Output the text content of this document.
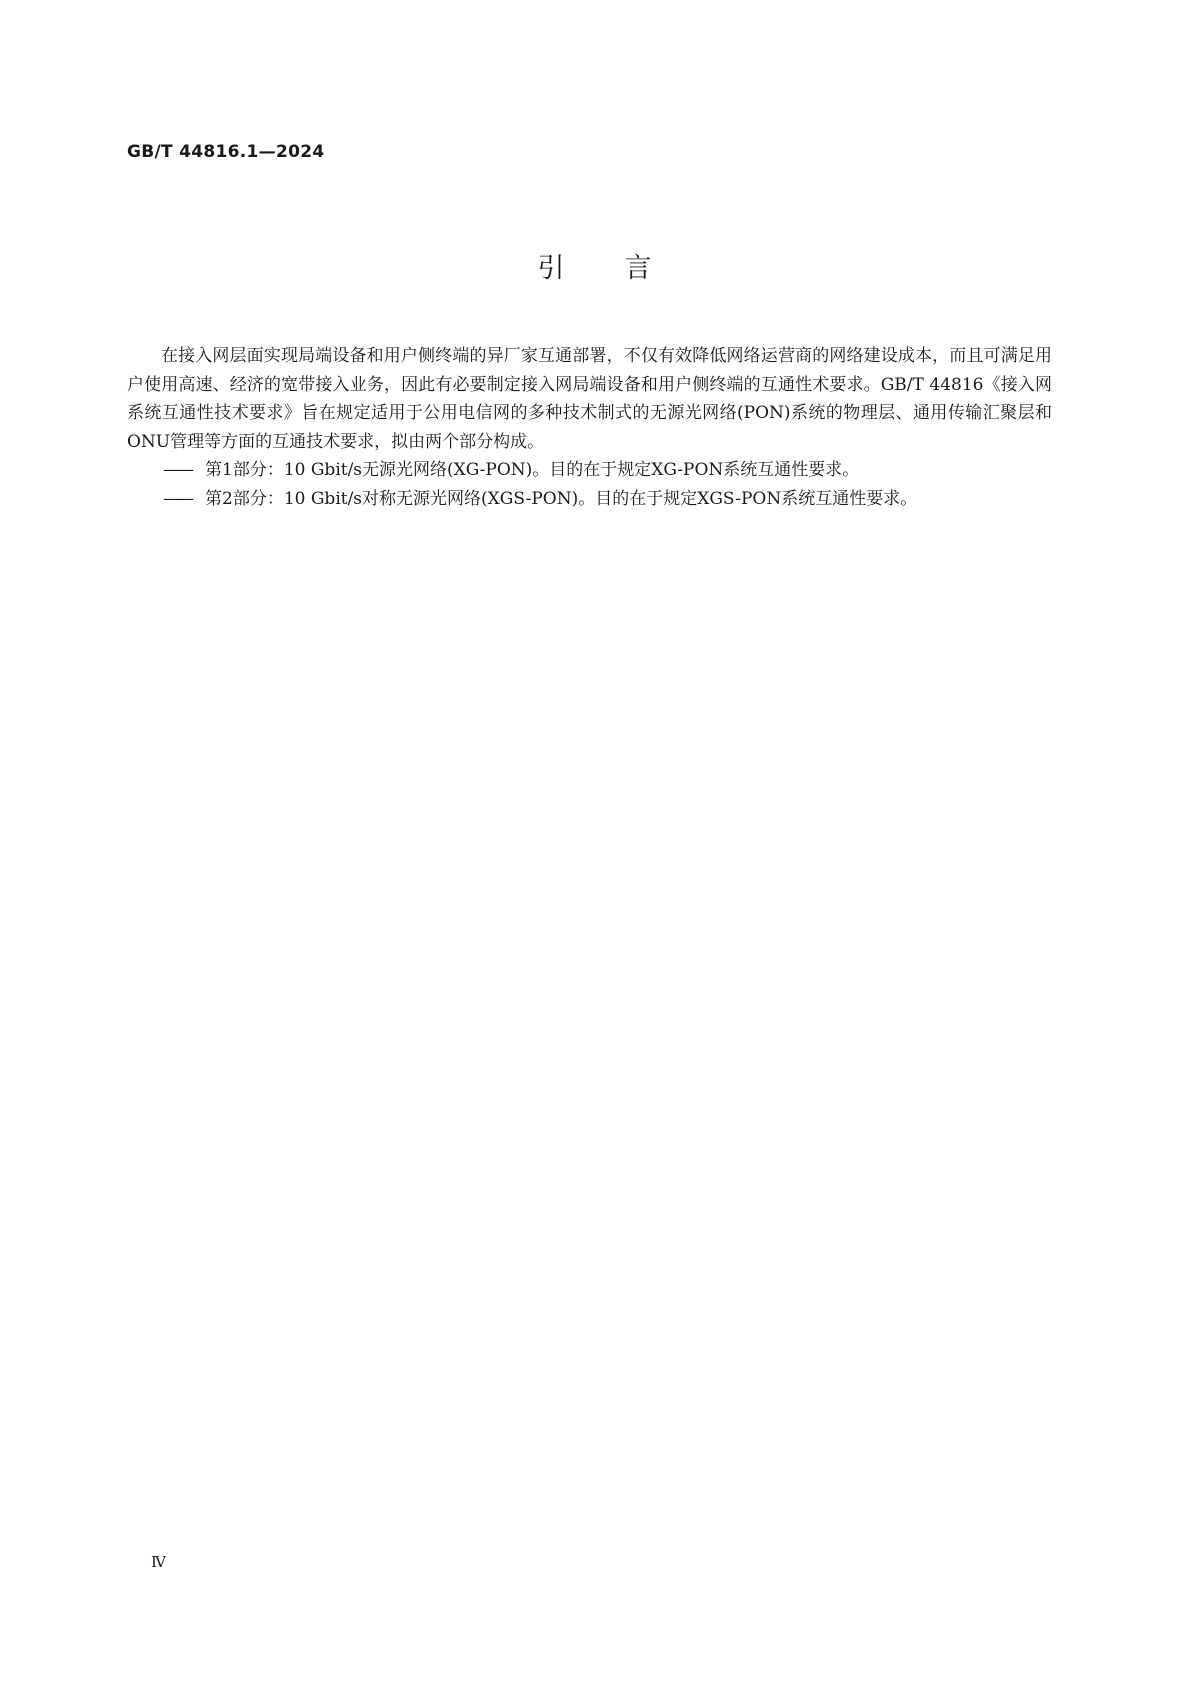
GB/T 44816.1—2024
引 言

在接入网层面实现局端设备和用户侧终端的异厂家互通部署，不仅有效降低网络运营商的网络建设成本，而且可满足用户使用高速、经济的宽带接入业务，因此有必要制定接入网局端设备和用户侧终端的互通性术要求。GB/T 44816《接入网系统互通性技术要求》旨在规定适用于公用电信网的多种技术制式的无源光网络(PON)系统的物理层、通用传输汇聚层和ONU管理等方面的互通技术要求，拟由两个部分构成。

—— 第1部分：10 Gbit/s无源光网络(XG-PON)。目的在于规定XG-PON系统互通性要求。
—— 第2部分：10 Gbit/s对称无源光网络(XGS-PON)。目的在于规定XGS-PON系统互通性要求。
Ⅳ
